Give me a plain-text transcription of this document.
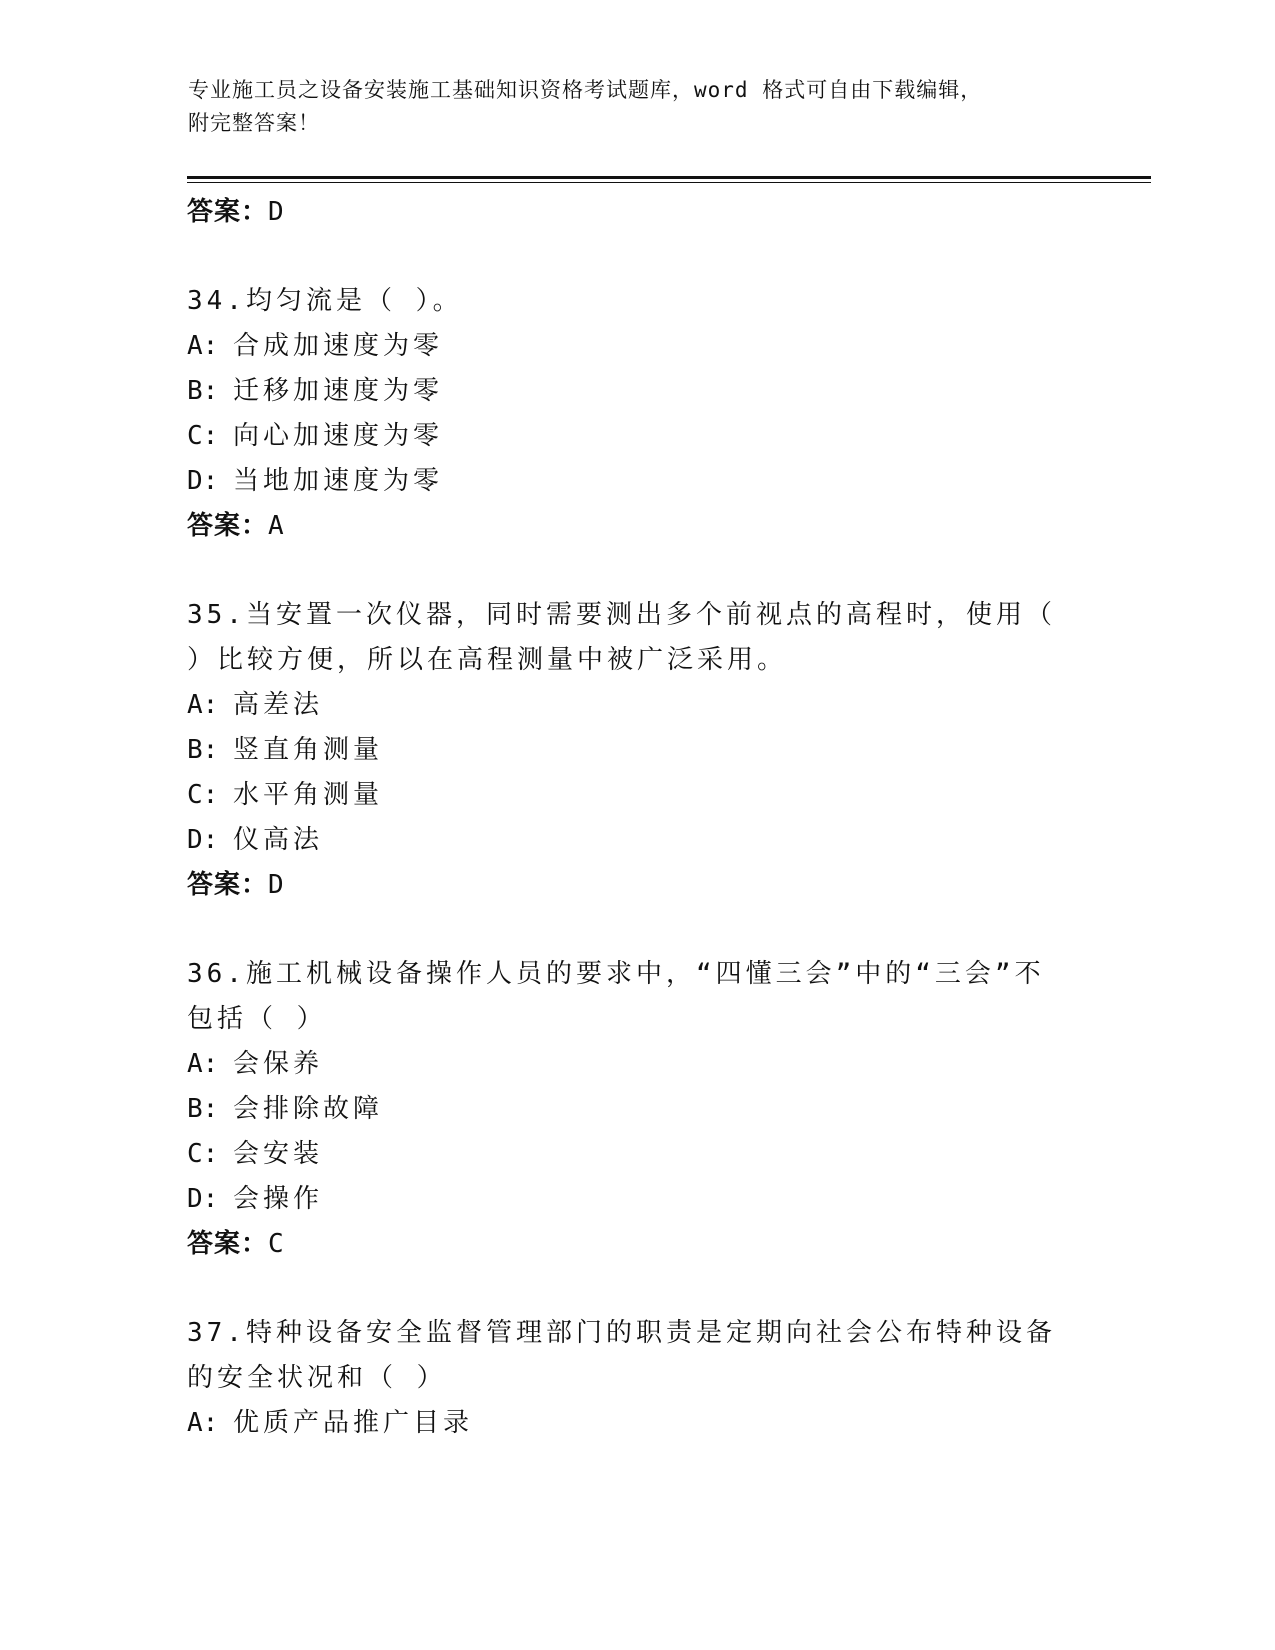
专业施工员之设备安装施工基础知识资格考试题库，word 格式可自由下载编辑，
附完整答案！
答案：D
34.均匀流是（ ）。
A: 合成加速度为零
B: 迁移加速度为零
C: 向心加速度为零
D: 当地加速度为零
答案：A
35.当安置一次仪器，同时需要测出多个前视点的高程时，使用（ ）比较方便，所以在高程测量中被广泛采用。
A: 高差法
B: 竖直角测量
C: 水平角测量
D: 仪高法
答案：D
36.施工机械设备操作人员的要求中，“四懂三会”中的“三会”不包括（ ）
A: 会保养
B: 会排除故障
C: 会安装
D: 会操作
答案：C
37.特种设备安全监督管理部门的职责是定期向社会公布特种设备的安全状况和（ ）
A: 优质产品推广目录
